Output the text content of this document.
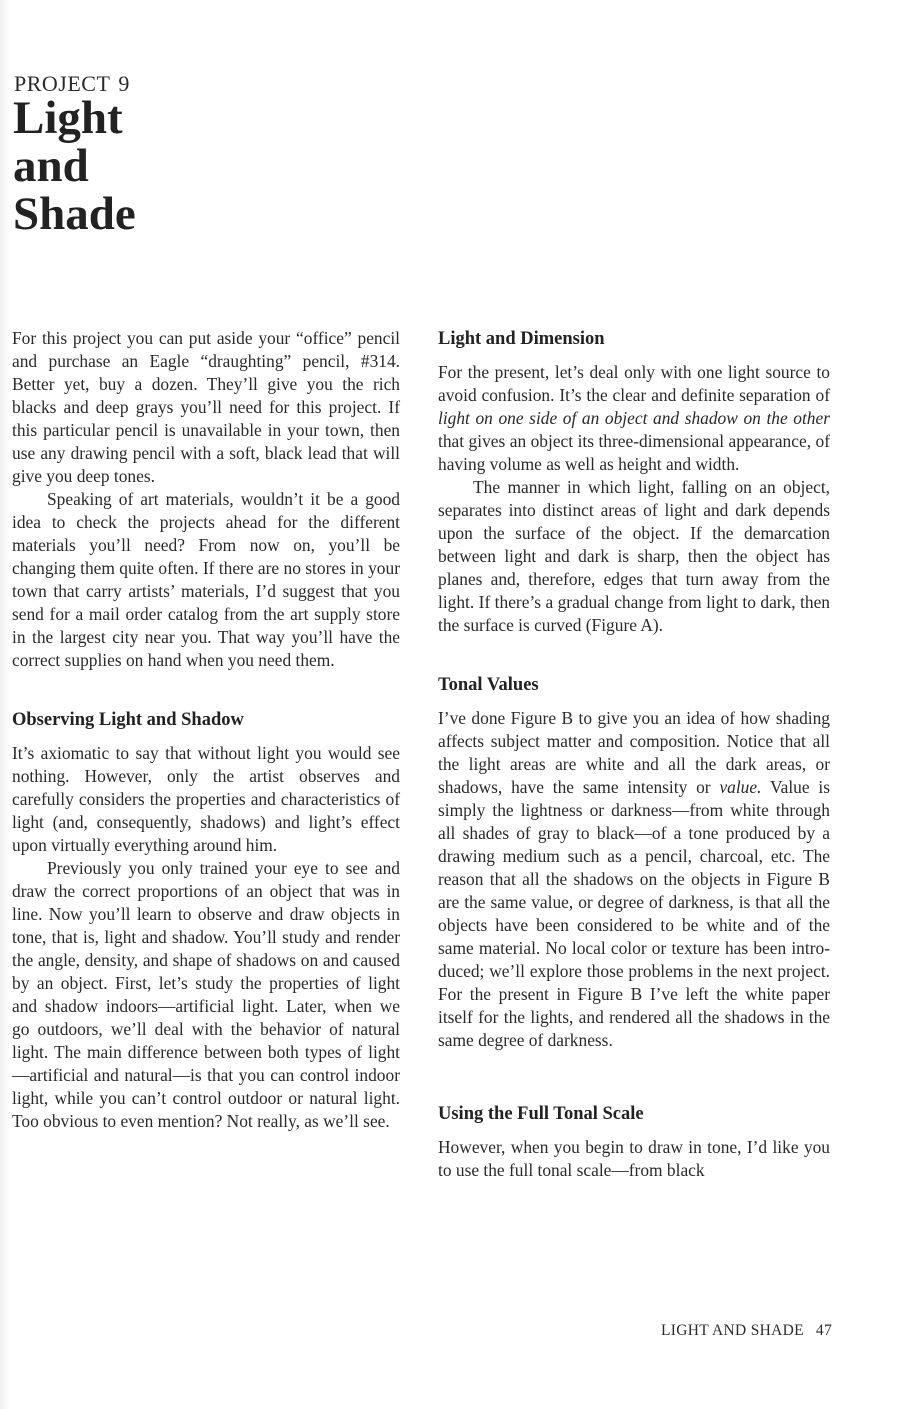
PROJECT 9
Light
and
Shade

For this project you can put aside your “office” pencil and purchase an Eagle “draughting” pencil, #314. Better yet, buy a dozen. They’ll give you the rich blacks and deep grays you’ll need for this project. If this particular pencil is unavailable in your town, then use any drawing pencil with a soft, black lead that will give you deep tones.

Speaking of art materials, wouldn’t it be a good idea to check the projects ahead for the different materials you’ll need? From now on, you’ll be changing them quite often. If there are no stores in your town that carry artists’ materials, I’d suggest that you send for a mail order catalog from the art supply store in the largest city near you. That way you’ll have the correct supplies on hand when you need them.

Observing Light and Shadow

It’s axiomatic to say that without light you would see nothing. However, only the artist observes and carefully considers the properties and characteristics of light (and, consequently, shadows) and light’s effect upon virtually everything around him.

Previously you only trained your eye to see and draw the correct proportions of an object that was in line. Now you’ll learn to observe and draw objects in tone, that is, light and shadow. You’ll study and render the angle, density, and shape of shadows on and caused by an object. First, let’s study the properties of light and shadow indoors—artificial light. Later, when we go outdoors, we’ll deal with the behavior of natural light. The main difference between both types of light—artificial and natural—is that you can control indoor light, while you can’t control outdoor or natural light. Too obvious to even mention? Not really, as we’ll see.

Light and Dimension

For the present, let’s deal only with one light source to avoid confusion. It’s the clear and definite separation of light on one side of an object and shadow on the other that gives an object its three-dimensional appearance, of having volume as well as height and width.

The manner in which light, falling on an object, separates into distinct areas of light and dark depends upon the surface of the object. If the demarcation between light and dark is sharp, then the object has planes and, therefore, edges that turn away from the light. If there’s a gradual change from light to dark, then the surface is curved (Figure A).

Tonal Values

I’ve done Figure B to give you an idea of how shading affects subject matter and composition. Notice that all the light areas are white and all the dark areas, or shadows, have the same intensity or value. Value is simply the lightness or darkness—from white through all shades of gray to black—of a tone produced by a drawing medium such as a pencil, charcoal, etc. The reason that all the shadows on the objects in Figure B are the same value, or degree of darkness, is that all the objects have been considered to be white and of the same material. No local color or texture has been introduced; we’ll explore those problems in the next project. For the present in Figure B I’ve left the white paper itself for the lights, and rendered all the shadows in the same degree of darkness.

Using the Full Tonal Scale

However, when you begin to draw in tone, I’d like you to use the full tonal scale—from black

LIGHT AND SHADE 47
